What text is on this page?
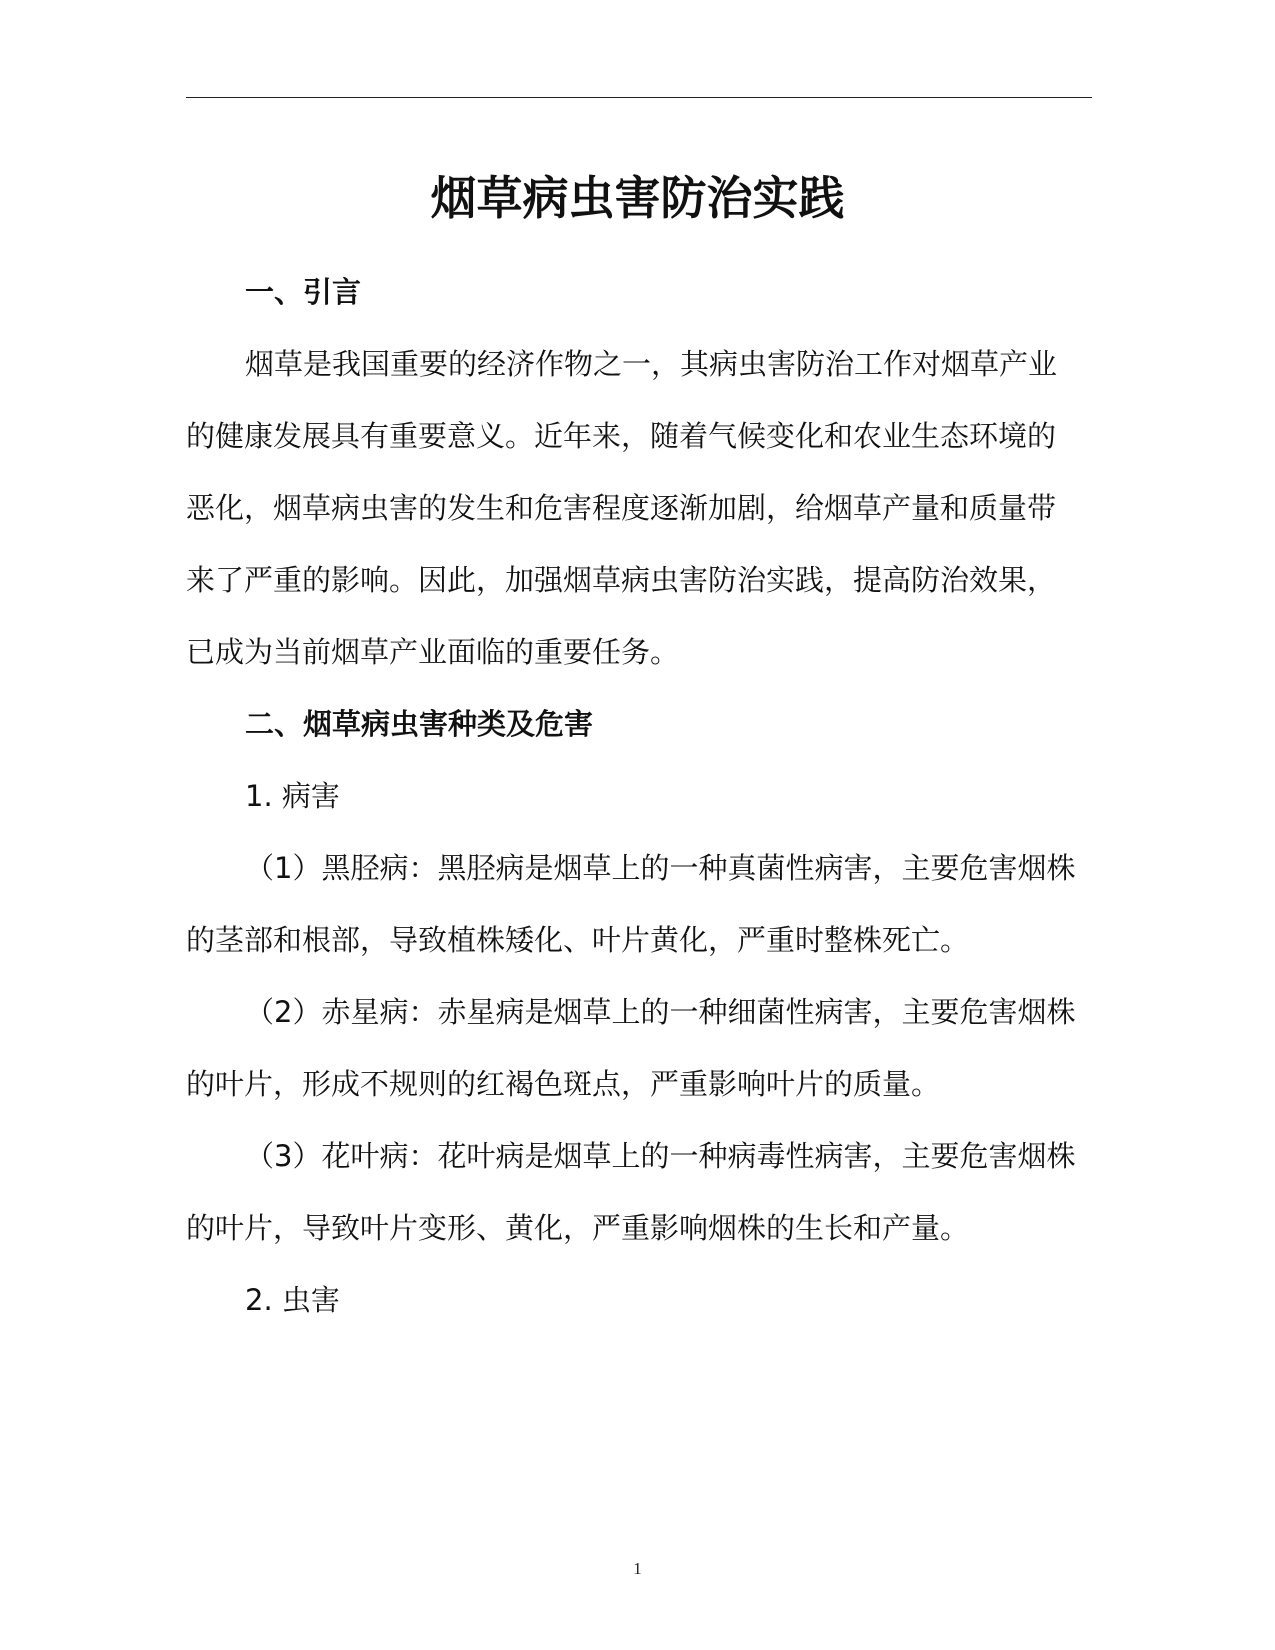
烟草病虫害防治实践
一、引言
烟草是我国重要的经济作物之一，其病虫害防治工作对烟草产业
的健康发展具有重要意义。近年来，随着气候变化和农业生态环境的
恶化，烟草病虫害的发生和危害程度逐渐加剧，给烟草产量和质量带
来了严重的影响。因此，加强烟草病虫害防治实践，提高防治效果，
已成为当前烟草产业面临的重要任务。
二、烟草病虫害种类及危害
1. 病害
（1）黑胫病：黑胫病是烟草上的一种真菌性病害，主要危害烟株
的茎部和根部，导致植株矮化、叶片黄化，严重时整株死亡。
（2）赤星病：赤星病是烟草上的一种细菌性病害，主要危害烟株
的叶片，形成不规则的红褐色斑点，严重影响叶片的质量。
（3）花叶病：花叶病是烟草上的一种病毒性病害，主要危害烟株
的叶片，导致叶片变形、黄化，严重影响烟株的生长和产量。
2. 虫害
1
